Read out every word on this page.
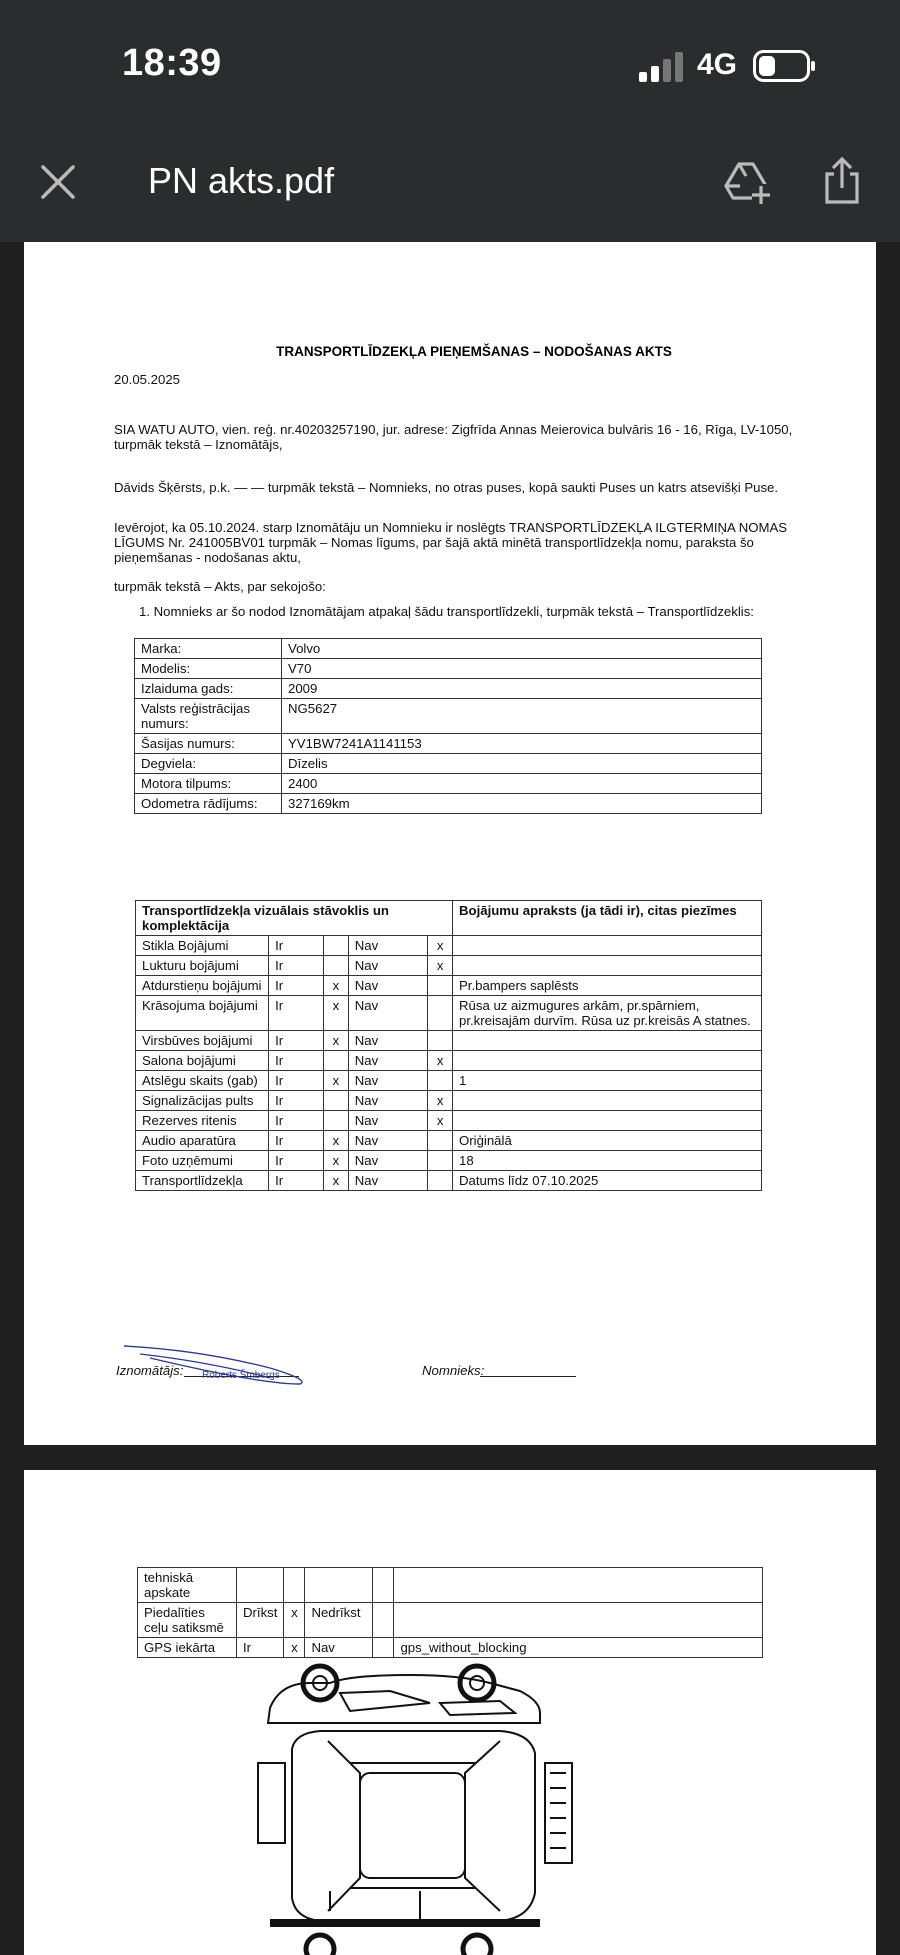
18:39	4G
PN akts.pdf
TRANSPORTLĪDZEKĻA PIEŅEMŠANAS – NODOŠANAS AKTS
20.05.2025
SIA WATU AUTO, vien. reģ. nr.40203257190, jur. adrese: Zigfrīda Annas Meierovica bulvāris 16 - 16, Rīga, LV-1050, turpmāk tekstā – Iznomātājs,
Dāvids Šķērsts, p.k. — — turpmāk tekstā – Nomnieks, no otras puses, kopā saukti Puses un katrs atsevišķi Puse.
Ievērojot, ka 05.10.2024. starp Iznomātāju un Nomnieku ir noslēgts TRANSPORTLĪDZEKĻA ILGTERMIŅA NOMAS LĪGUMS Nr. 241005BV01 turpmāk – Nomas līgums, par šajā aktā minētā transportlīdzekļa nomu, paraksta šo pieņemšanas - nodošanas aktu,
turpmāk tekstā – Akts, par sekojošo:
1. Nomnieks ar šo nodod Iznomātājam atpakaļ šādu transportlīdzekli, turpmāk tekstā – Transportlīdzeklis:
Marka:	Volvo
Modelis:	V70
Izlaiduma gads:	2009
Valsts reģistrācijas numurs:	NG5627
Šasijas numurs:	YV1BW7241A1141153
Degviela:	Dīzelis
Motora tilpums:	2400
Odometra rādījums:	327169km
Transportlīdzekļa vizuālais stāvoklis un komplektācija					Bojājumu apraksts (ja tādi ir), citas piezīmes
Stikla Bojājumi	Ir		Nav	x	
Lukturu bojājumi	Ir		Nav	x	
Atdurstieņu bojājumi	Ir	x	Nav		Pr.bampers saplēsts
Krāsojuma bojājumi	Ir	x	Nav		Rūsa uz aizmugures arkām, pr.spārniem, pr.kreisajām durvīm. Rūsa uz pr.kreisās A statnes.
Virsbūves bojājumi	Ir	x	Nav		
Salona bojājumi	Ir		Nav	x	
Atslēgu skaits (gab)	Ir	x	Nav		1
Signalizācijas pults	Ir		Nav	x	
Rezerves ritenis	Ir		Nav	x	
Audio aparatūra	Ir	x	Nav		Oriģinālā
Foto uzņēmumi	Ir	x	Nav		18
Transportlīdzekļa	Ir	x	Nav		Datums līdz 07.10.2025
Iznomātājs: Roberts Šmbergs	Nomnieks:
tehniskā apskate					
Piedalīties ceļu satiksmē	Drīkst	x	Nedrīkst		
GPS iekārta	Ir	x	Nav		gps_without_blocking
